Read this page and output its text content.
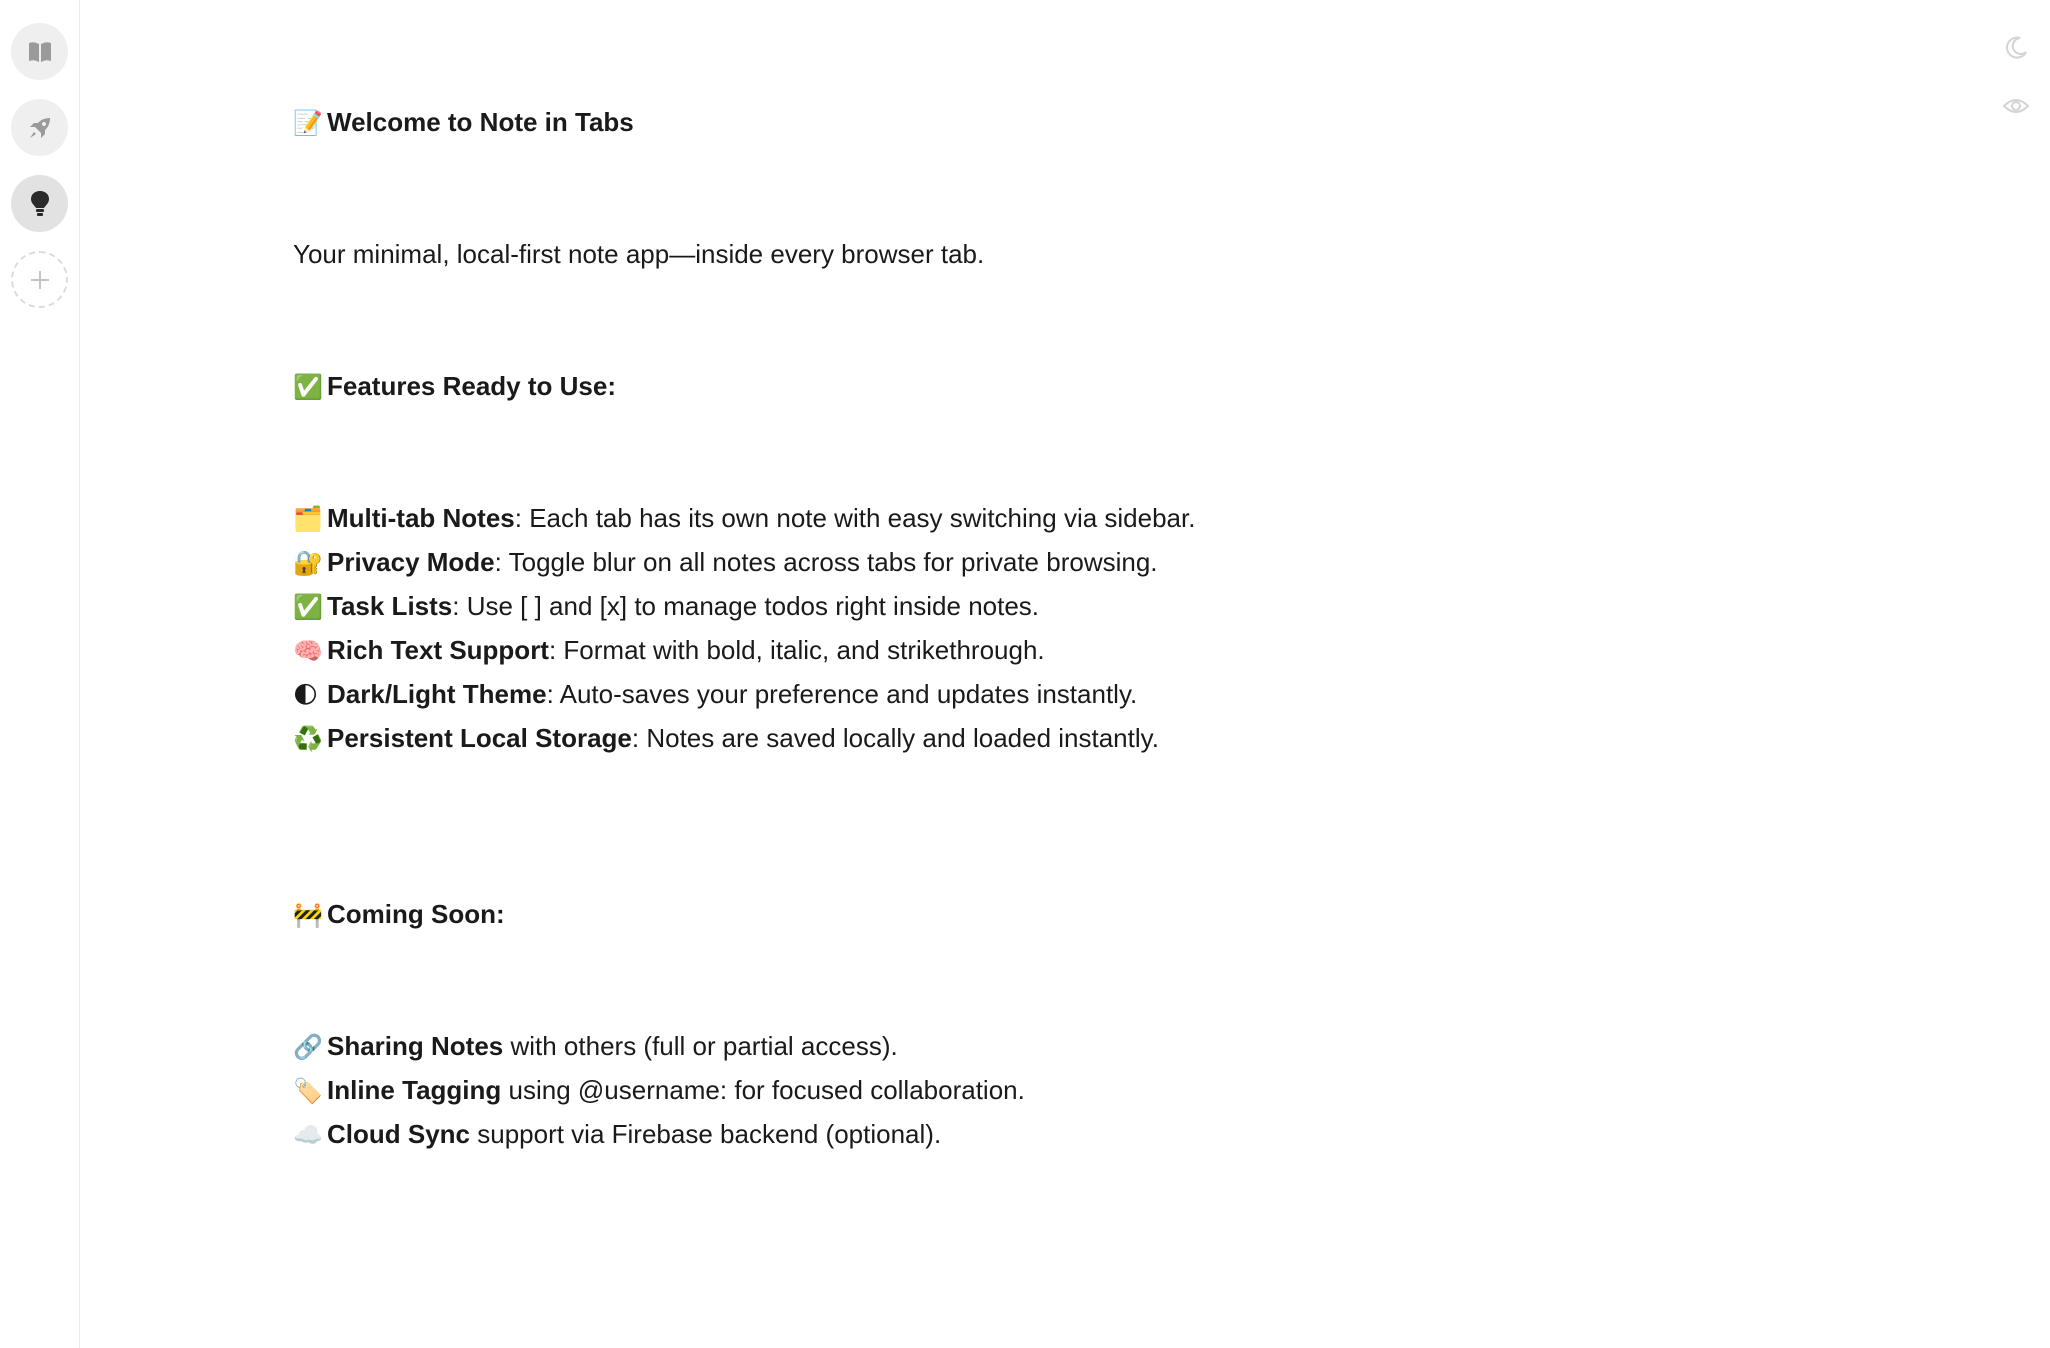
📝 Welcome to Note in Tabs
Your minimal, local-first note app—inside every browser tab.
✅ Features Ready to Use:
🗂️ Multi-tab Notes: Each tab has its own note with easy switching via sidebar.
🔐 Privacy Mode: Toggle blur on all notes across tabs for private browsing.
✅ Task Lists: Use [ ] and [x] to manage todos right inside notes.
🧠 Rich Text Support: Format with bold, italic, and strikethrough.
🌓 Dark/Light Theme: Auto-saves your preference and updates instantly.
♻️ Persistent Local Storage: Notes are saved locally and loaded instantly.
🚧 Coming Soon:
🔗 Sharing Notes with others (full or partial access).
🏷️ Inline Tagging using @username: for focused collaboration.
☁️ Cloud Sync support via Firebase backend (optional).
